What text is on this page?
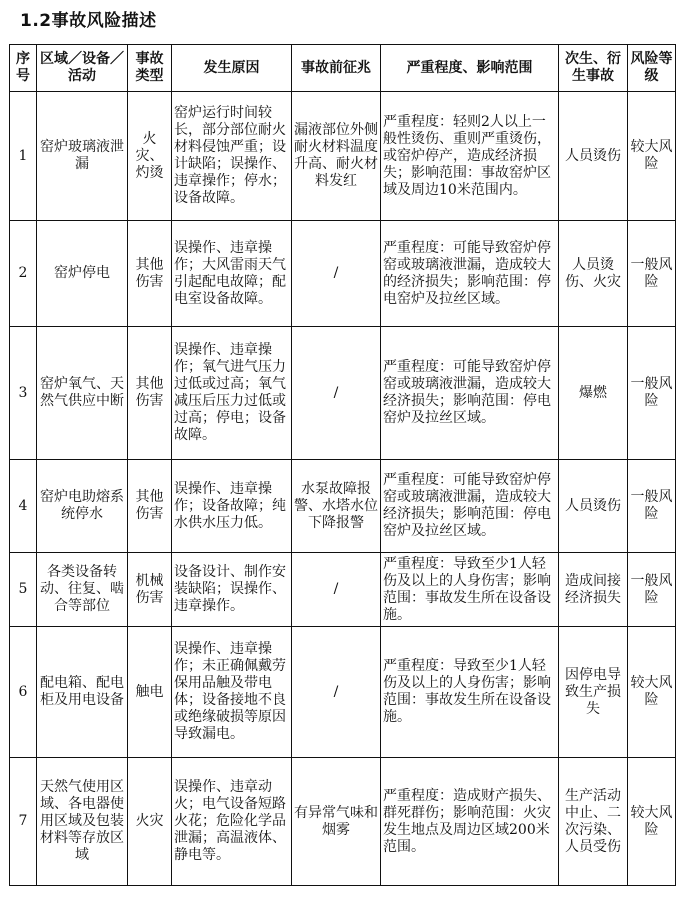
1.2事故风险描述
序号	区域／设备／活动	事故类型	发生原因	事故前征兆	严重程度、影响范围	次生、衍生事故	风险等级
1	窑炉玻璃液泄漏	火灾、灼烫	窑炉运行时间较长，部分部位耐火材料侵蚀严重；设计缺陷；误操作、违章操作；停水；设备故障。	漏液部位外侧耐火材料温度升高、耐火材料发红	严重程度：轻则2人以上一般性烫伤、重则严重烫伤，或窑炉停产，造成经济损失；影响范围：事故窑炉区域及周边10米范围内。	人员烫伤	较大风险
2	窑炉停电	其他伤害	误操作、违章操作；大风雷雨天气引起配电故障；配电室设备故障。	/	严重程度：可能导致窑炉停窑或玻璃液泄漏，造成较大的经济损失；影响范围：停电窑炉及拉丝区域。	人员烫伤、火灾	一般风险
3	窑炉氧气、天然气供应中断	其他伤害	误操作、违章操作；氧气进气压力过低或过高；氧气减压后压力过低或过高；停电；设备故障。	/	严重程度：可能导致窑炉停窑或玻璃液泄漏，造成较大经济损失；影响范围：停电窑炉及拉丝区域。	爆燃	一般风险
4	窑炉电助熔系统停水	其他伤害	误操作、违章操作；设备故障；纯水供水压力低。	水泵故障报警、水塔水位下降报警	严重程度：可能导致窑炉停窑或玻璃液泄漏，造成较大经济损失；影响范围：停电窑炉及拉丝区域。	人员烫伤	一般风险
5	各类设备转动、往复、啮合等部位	机械伤害	设备设计、制作安装缺陷；误操作、违章操作。	/	严重程度：导致至少1人轻伤及以上的人身伤害；影响范围：事故发生所在设备设施。	造成间接经济损失	一般风险
6	配电箱、配电柜及用电设备	触电	误操作、违章操作；未正确佩戴劳保用品触及带电体；设备接地不良或绝缘破损等原因导致漏电。	/	严重程度：导致至少1人轻伤及以上的人身伤害；影响范围：事故发生所在设备设施。	因停电导致生产损失	较大风险
7	天然气使用区域、各电器使用区域及包装材料等存放区域	火灾	误操作、违章动火；电气设备短路火花；危险化学品泄漏；高温液体、静电等。	有异常气味和烟雾	严重程度：造成财产损失、群死群伤；影响范围：火灾发生地点及周边区域200米范围。	生产活动中止、二次污染、人员受伤	较大风险
